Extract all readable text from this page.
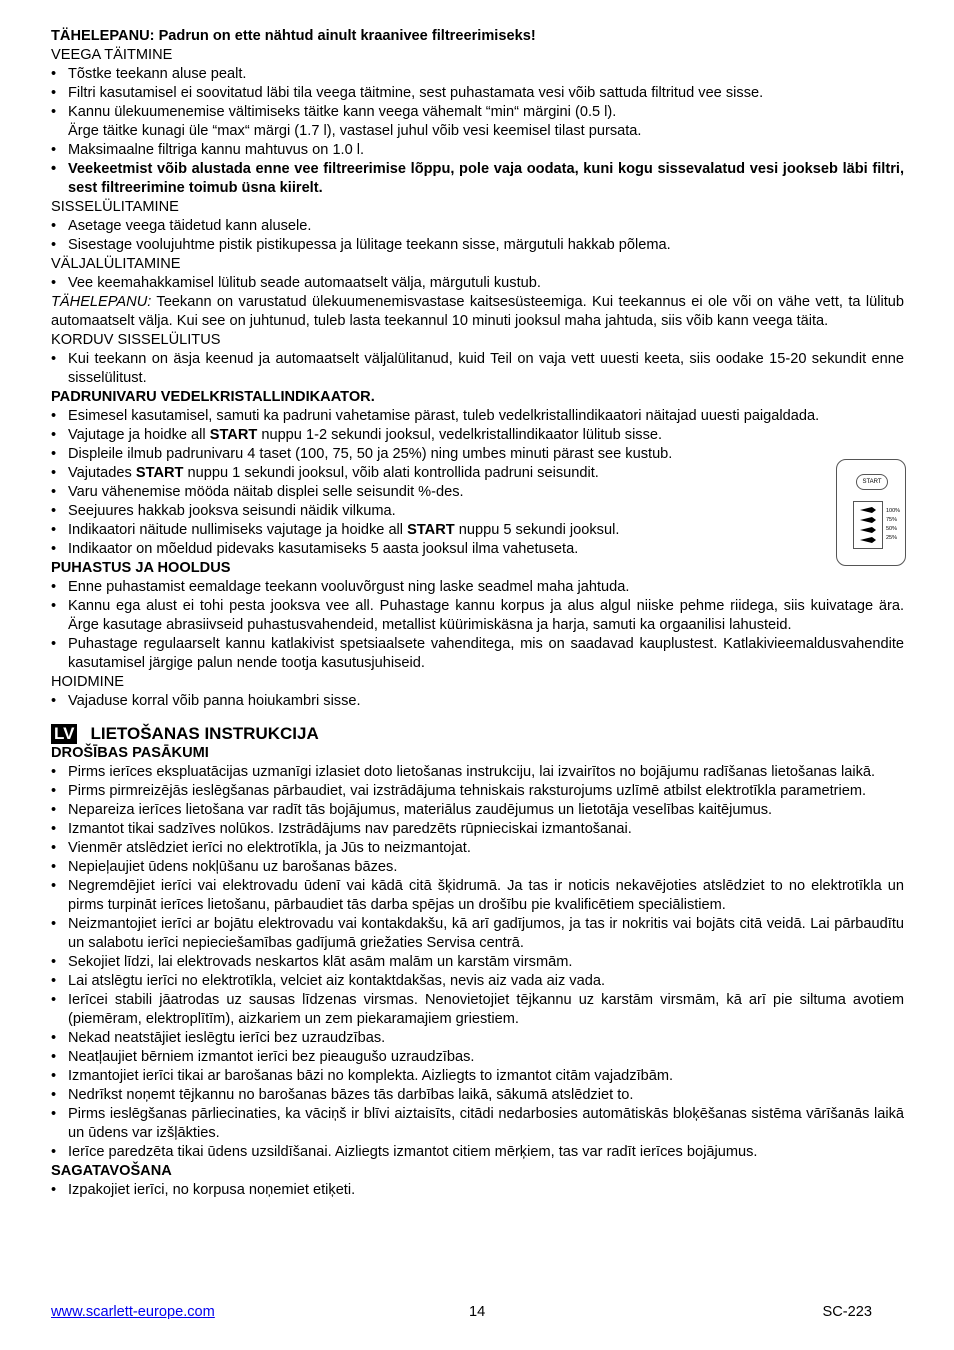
TÄHELEPANU: Padrun on ette nähtud ainult kraanivee filtreerimiseks!

VEEGA TÄITMINE

• Tõstke teekann aluse pealt.

• Filtri kasutamisel ei soovitatud läbi tila veega täitmine, sest puhastamata vesi võib sattuda filtritud vee sisse.

• Kannu ülekuumenemise vältimiseks täitke kann veega vähemalt “min“ märgini (0.5 l).

Ärge täitke kunagi üle “max“ märgi (1.7 l), vastasel juhul võib vesi keemisel tilast pursata.

• Maksimaalne filtriga kannu mahtuvus on 1.0 l.

• Veekeetmist võib alustada enne vee filtreerimise lõppu, pole vaja oodata, kuni kogu sissevalatud vesi jookseb läbi filtri, sest filtreerimine toimub üsna kiirelt.

SISSELÜLITAMINE

• Asetage veega täidetud kann alusele.

• Sisestage voolujuhtme pistik pistikupessa ja lülitage teekann sisse, märgutuli hakkab põlema.

VÄLJALÜLITAMINE

• Vee keemahakkamisel lülitub seade automaatselt välja, märgutuli kustub.

TÄHELEPANU: Teekann on varustatud ülekuumenemisvastase kaitsesüsteemiga. Kui teekannus ei ole või on vähe vett, ta lülitub automaatselt välja. Kui see on juhtunud, tuleb lasta teekannul 10 minuti jooksul maha jahtuda, siis võib kann veega täita.

KORDUV SISSELÜLITUS

• Kui teekann on äsja keenud ja automaatselt väljalülitanud, kuid Teil on vaja vett uuesti keeta, siis oodake 15-20 sekundit enne sisselülitust.

PADRUNIVARU VEDELKRISTALLINDIKAATOR.

• Esimesel kasutamisel, samuti ka padruni vahetamise pärast, tuleb vedelkristallindikaatori näitajad uuesti paigaldada.

• Vajutage ja hoidke all START nuppu 1-2 sekundi jooksul, vedelkristallindikaator lülitub sisse.

• Displeile ilmub padrunivaru 4 taset (100, 75, 50 ja 25%) ning umbes minuti pärast see kustub.

• Vajutades START nuppu 1 sekundi jooksul, võib alati kontrollida padruni seisundit.

• Varu vähenemise mööda näitab displei selle seisundit %-des.

• Seejuures hakkab jooksva seisundi näidik vilkuma.

• Indikaatori näitude nullimiseks vajutage ja hoidke all START nuppu 5 sekundi jooksul.

• Indikaator on mõeldud pidevaks kasutamiseks 5 aasta jooksul ilma vahetuseta.

PUHASTUS JA HOOLDUS

• Enne puhastamist eemaldage teekann vooluvõrgust ning laske seadmel maha jahtuda.

• Kannu ega alust ei tohi pesta jooksva vee all. Puhastage kannu korpus ja alus algul niiske pehme riidega, siis kuivatage ära. Ärge kasutage abrasiivseid puhastusvahendeid, metallist küürimiskäsna ja harja, samuti ka orgaanilisi lahusteid.

• Puhastage regulaarselt kannu katlakivist spetsiaalsete vahenditega, mis on saadavad kauplustest. Katlakivieemaldusvahendite kasutamisel järgige palun nende tootja kasutusjuhiseid.

HOIDMINE

• Vajaduse korral võib panna hoiukambri sisse.

LV LIETOŠANAS INSTRUKCIJA

DROŠĪBAS PASĀKUMI

• Pirms ierīces ekspluatācijas uzmanīgi izlasiet doto lietošanas instrukciju, lai izvairītos no bojājumu radīšanas lietošanas laikā.

• Pirms pirmreizējās ieslēgšanas pārbaudiet, vai izstrādājuma tehniskais raksturojums uzlīmē atbilst elektrotīkla parametriem.

• Nepareiza ierīces lietošana var radīt tās bojājumus, materiālus zaudējumus un lietotāja veselības kaitējumus.

• Izmantot tikai sadzīves nolūkos. Izstrādājums nav paredzēts rūpnieciskai izmantošanai.

• Vienmēr atslēdziet ierīci no elektrotīkla, ja Jūs to neizmantojat.

• Nepieļaujiet ūdens nokļūšanu uz barošanas bāzes.

• Negremdējiet ierīci vai elektrovadu ūdenī vai kādā citā šķidrumā. Ja tas ir noticis nekavējoties atslēdziet to no elektrotīkla un pirms turpināt ierīces lietošanu, pārbaudiet tās darba spējas un drošību pie kvalificētiem speciālistiem.

• Neizmantojiet ierīci ar bojātu elektrovadu vai kontakdakšu, kā arī gadījumos, ja tas ir nokritis vai bojāts citā veidā. Lai pārbaudītu un salabotu ierīci nepieciešamības gadījumā griežaties Servisa centrā.

• Sekojiet līdzi, lai elektrovads neskartos klāt asām malām un karstām virsmām.

• Lai atslēgtu ierīci no elektrotīkla, velciet aiz kontaktdakšas, nevis aiz vada aiz vada.

• Ierīcei stabili jāatrodas uz sausas līdzenas virsmas. Nenovietojiet tējkannu uz karstām virsmām, kā arī pie siltuma avotiem (piemēram, elektroplītīm), aizkariem un zem piekaramajiem griestiem.

• Nekad neatstājiet ieslēgtu ierīci bez uzraudzības.

• Neatļaujiet bērniem izmantot ierīci bez pieaugušo uzraudzības.

• Izmantojiet ierīci tikai ar barošanas bāzi no komplekta. Aizliegts to izmantot citām vajadzībām.

• Nedrīkst noņemt tējkannu no barošanas bāzes tās darbības laikā, sākumā atslēdziet to.

• Pirms ieslēgšanas pārliecinaties, ka vāciņš ir blīvi aiztaisīts, citādi nedarbosies automātiskās bloķēšanas sistēma vārīšanās laikā un ūdens var izšļākties.

• Ierīce paredzēta tikai ūdens uzsildīšanai. Aizliegts izmantot citiem mērķiem, tas var radīt ierīces bojājumus.

SAGATAVOŠANA

• Izpakojiet ierīci, no korpusa noņemiet etiķeti.

START
100%
75%
50%
25%
www.scarlett-europe.com	14	SC-223
